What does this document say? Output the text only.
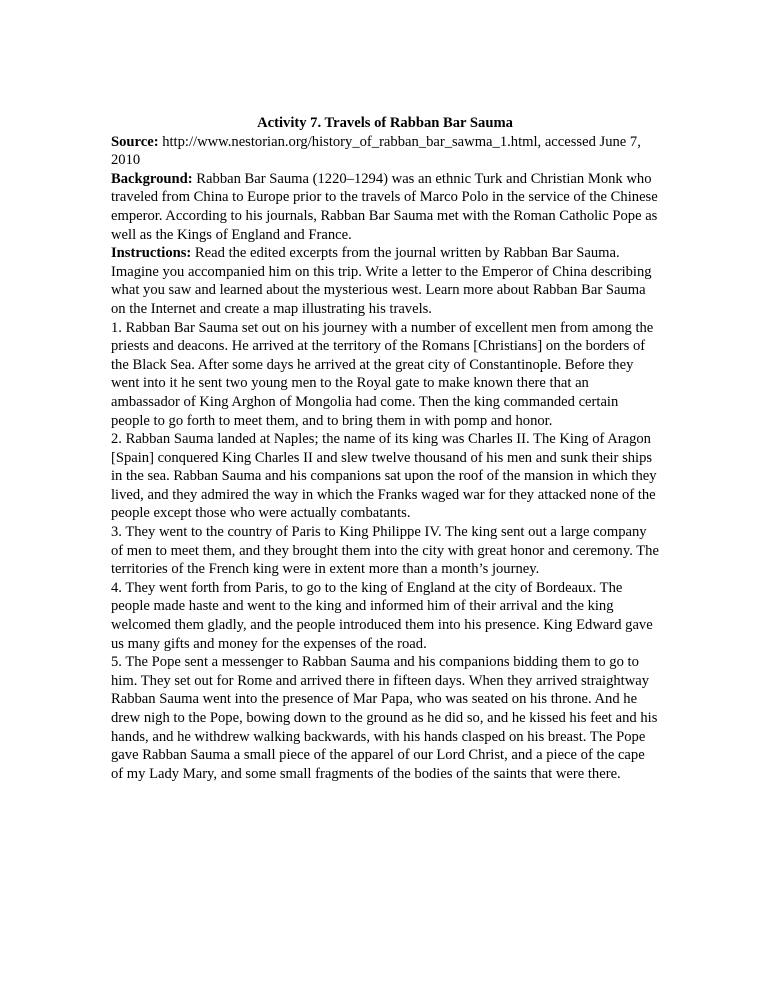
Activity 7. Travels of Rabban Bar Sauma

Source: http://www.nestorian.org/history_of_rabban_bar_sawma_1.html, accessed June 7, 2010

Background: Rabban Bar Sauma (1220–1294) was an ethnic Turk and Christian Monk who traveled from China to Europe prior to the travels of Marco Polo in the service of the Chinese emperor. According to his journals, Rabban Bar Sauma met with the Roman Catholic Pope as well as the Kings of England and France.

Instructions: Read the edited excerpts from the journal written by Rabban Bar Sauma. Imagine you accompanied him on this trip. Write a letter to the Emperor of China describing what you saw and learned about the mysterious west. Learn more about Rabban Bar Sauma on the Internet and create a map illustrating his travels.

1. Rabban Bar Sauma set out on his journey with a number of excellent men from among the priests and deacons. He arrived at the territory of the Romans [Christians] on the borders of the Black Sea. After some days he arrived at the great city of Constantinople. Before they went into it he sent two young men to the Royal gate to make known there that an ambassador of King Arghon of Mongolia had come. Then the king commanded certain people to go forth to meet them, and to bring them in with pomp and honor.

2. Rabban Sauma landed at Naples; the name of its king was Charles II. The King of Aragon [Spain] conquered King Charles II and slew twelve thousand of his men and sunk their ships in the sea. Rabban Sauma and his companions sat upon the roof of the mansion in which they lived, and they admired the way in which the Franks waged war for they attacked none of the people except those who were actually combatants.

3. They went to the country of Paris to King Philippe IV. The king sent out a large company of men to meet them, and they brought them into the city with great honor and ceremony. The territories of the French king were in extent more than a month’s journey.

4. They went forth from Paris, to go to the king of England at the city of Bordeaux. The people made haste and went to the king and informed him of their arrival and the king welcomed them gladly, and the people introduced them into his presence. King Edward gave us many gifts and money for the expenses of the road.

5. The Pope sent a messenger to Rabban Sauma and his companions bidding them to go to him. They set out for Rome and arrived there in fifteen days. When they arrived straightway Rabban Sauma went into the presence of Mar Papa, who was seated on his throne. And he drew nigh to the Pope, bowing down to the ground as he did so, and he kissed his feet and his hands, and he withdrew walking backwards, with his hands clasped on his breast. The Pope gave Rabban Sauma a small piece of the apparel of our Lord Christ, and a piece of the cape of my Lady Mary, and some small fragments of the bodies of the saints that were there.
